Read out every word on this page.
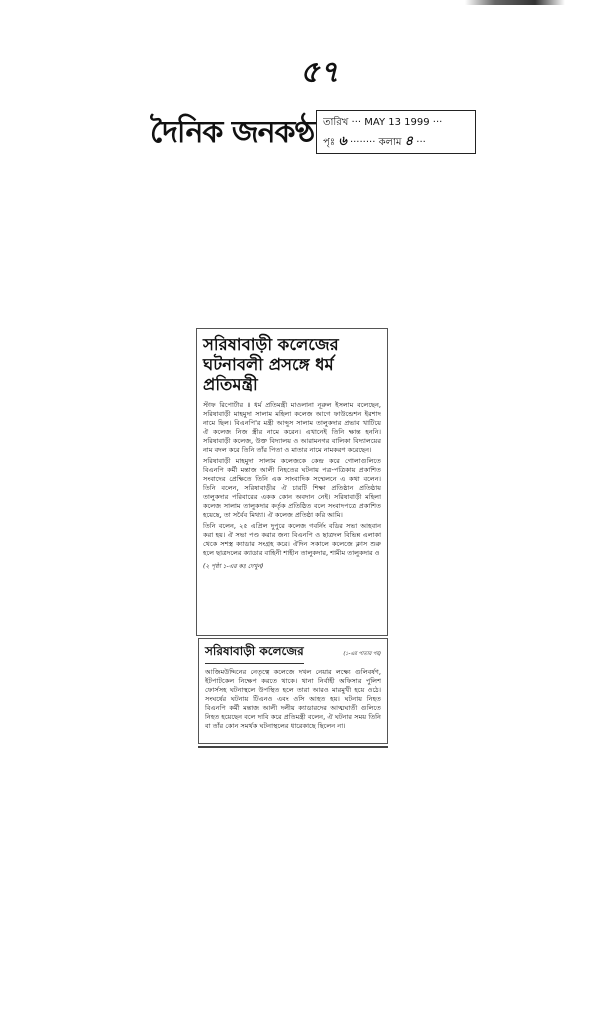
৫৭
দৈনিক জনকণ্ঠ তারিখ ··· MAY 13 1999 ···
পৃঃ ৬ ········ কলাম ৪ ···
সরিষাবাড়ী কলেজের ঘটনাবলী প্রসঙ্গে ধর্ম প্রতিমন্ত্রী

স্টাফ রিপোর্টার ॥ ধর্ম প্রতিমন্ত্রী মাওলানা নূরুল ইসলাম বলেছেন, সরিষাবাড়ী মাহমুদা সালাম মহিলা কলেজ আগে ফাউন্ডেশন ইরশাদ নামে ছিল। বিএনপি'র মন্ত্রী আব্দুস সালাম তালুকদার প্রভাব খাটিয়ে ঐ কলেজ নিজ স্ত্রীর নামে করেন। এখানেই তিনি ক্ষান্ত হননি। সরিষাবাড়ী কলেজ, উক্ত বিদ্যালয় ও আরামনগর বালিকা বিদ্যালয়ের নাম বদল করে তিনি তাঁর পিতা ও মাতার নামে নামকরণ করেছেন।

সরিষাবাড়ী মাহমুদা সালাম কলেজকে কেন্দ্র করে গোলাগুলিতে বিএনপি কর্মী মন্তাজ আলী নিহতের ঘটনায় পত্র-পত্রিকায় প্রকাশিত সংবাদের প্রেক্ষিতে তিনি এক সাংবাদিক সম্মেলনে এ কথা বলেন। তিনি বলেন, সরিষাবাড়ীর ঐ চারটি শিক্ষা প্রতিষ্ঠান প্রতিষ্ঠায় তালুকদার পরিবারের একক কোন অবদান নেই। সরিষাবাড়ী মহিলা কলেজ সালাম তালুকদার কর্তৃক প্রতিষ্ঠিত বলে সংবাদপত্রে প্রকাশিত হয়েছে, তা সর্বৈব মিথ্যা। ঐ কলেজ প্রতিষ্ঠা করি আমি।

তিনি বলেন, ২৫ এপ্রিল দুপুরে কলেজ গবর্নিং বডির সভা আহবান করা হয়। ঐ সভা পণ্ড করার জন্য বিএনপি ও ছাত্রদল বিভিন্ন এলাকা থেকে সশস্ত্র ক্যাডার সংগ্রহ করে। ঐদিন সকালে কলেজে ক্লাস শুরু হলে ছাত্রদলের ক্যাডার বাহিনী শাহীন তালুকদার, শামীম তালুকদার ও

(২ পৃষ্ঠা ১-এর কঃ দেখুন)
সরিষাবাড়ী কলেজের	(১-এর পাতার পর)
আজিমউদ্দিনের নেতৃত্বে কলেজে দখল নেয়ার লক্ষ্যে গুলিবর্ষণ, ইটপাটকেল নিক্ষেপ করতে থাকে। থানা নির্বাহী অফিসার পুলিশ ফোর্সসহ ঘটনাস্থলে উপস্থিত হলে তারা আরও মারমুখী হয়ে ওঠে। সংঘর্ষের ঘটনায় টিএনও এবং ওসি আহত হয়। ঘটনায় নিহত বিএনপি কর্মী মন্তাজ আলী দলীয় ক্যাডারদের আত্মঘাতী গুলিতে নিহত হয়েছেন বলে দাবি করে প্রতিমন্ত্রী বলেন, ঐ ঘটনার সময় তিনি বা তাঁর কোন সমর্থক ঘটনাস্থলের ধারেকাছে ছিলেন না।
